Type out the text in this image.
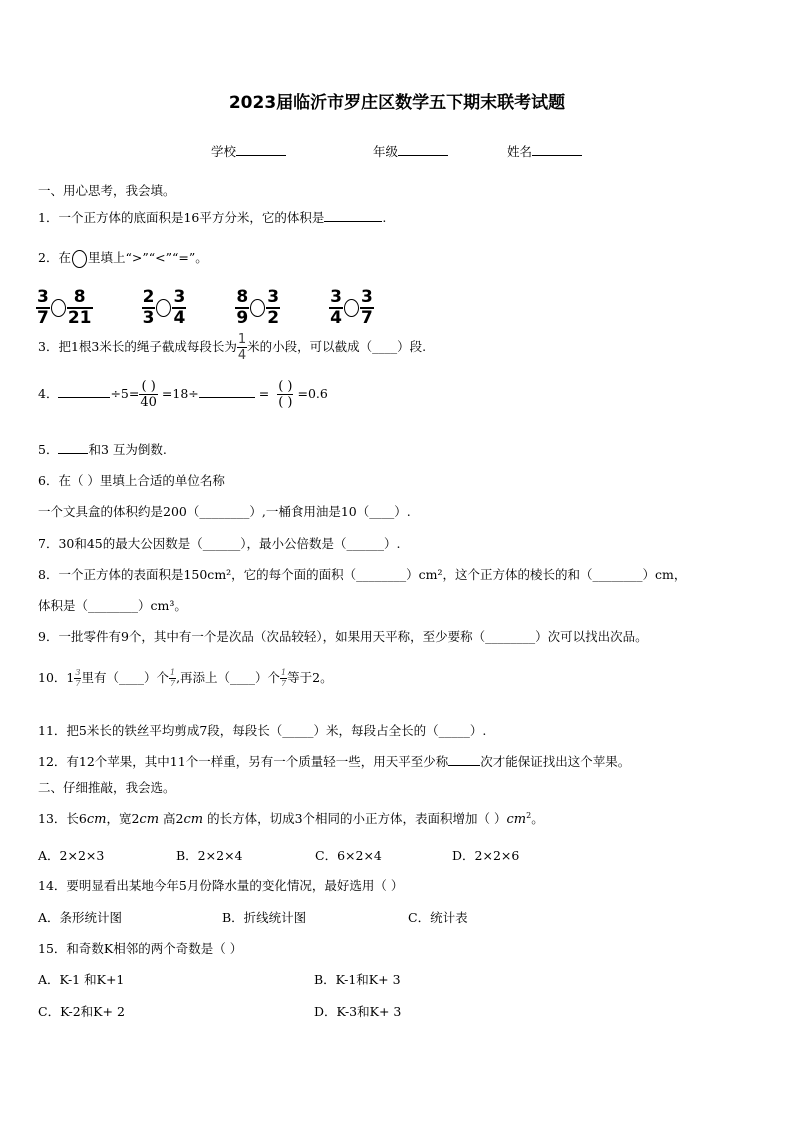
2023届临沂市罗庄区数学五下期末联考试题
学校	年级	姓名
一、用心思考，我会填。
1．一个正方体的底面积是16平方分米，它的体积是	.
2．在 里填上“>”“<”“=”。
$\frac{3}{7} \frac{8}{21}$
	$\frac{2}{3} \frac{3}{4}$
	$\frac{8}{9} \frac{3}{2}$
	$\frac{3}{4} \frac{3}{7}$
3．把1根3米长的绳子截成每段长为 $\frac{1}{4}$ 米的小段，可以截成（____）段.
4．	$\div 5= \frac{( )}{40} =18\div$	= $\frac{( )}{( )} =0.6$
5． 和3 互为倒数.
6．在（ ）里填上合适的单位名称
一个文具盒的体积约是200（________）,一桶食用油是10（____）.
7．30和45的最大公因数是（______），最小公倍数是（______）.
8．一个正方体的表面积是150cm²，它的每个面的面积（________）cm²，这个正方体的棱长的和（________）cm，
体积是（________）cm³。
9．一批零件有9个，其中有一个是次品（次品较轻），如果用天平称，至少要称（________）次可以找出次品。
10．$1 \frac{3}{7}$ 里有（____）个 $\frac{1}{7}$ ,再添上（____）个 $\frac{1}{7}$ 等于2。
11．把5米长的铁丝平均剪成7段，每段长（_____）米，每段占全长的（_____）.
12．有12个苹果，其中11个一样重，另有一个质量轻一些，用天平至少称	次才能保证找出这个苹果。
二、仔细推敲，我会选。
13．长6cm，宽2cm 高2cm 的长方体，切成3个相同的小正方体，表面积增加（ ）$cm^2$。
A．2×2×3	B．2×2×4	C．6×2×4	D．2×2×6
14．要明显看出某地今年5月份降水量的变化情况，最好选用（ ）
A．条形统计图	B．折线统计图	C．统计表
15．和奇数K相邻的两个奇数是（ ）
A．K-1 和K+1	B．K-1和K+ 3
C．K-2和K+ 2	D．K-3和K+ 3
